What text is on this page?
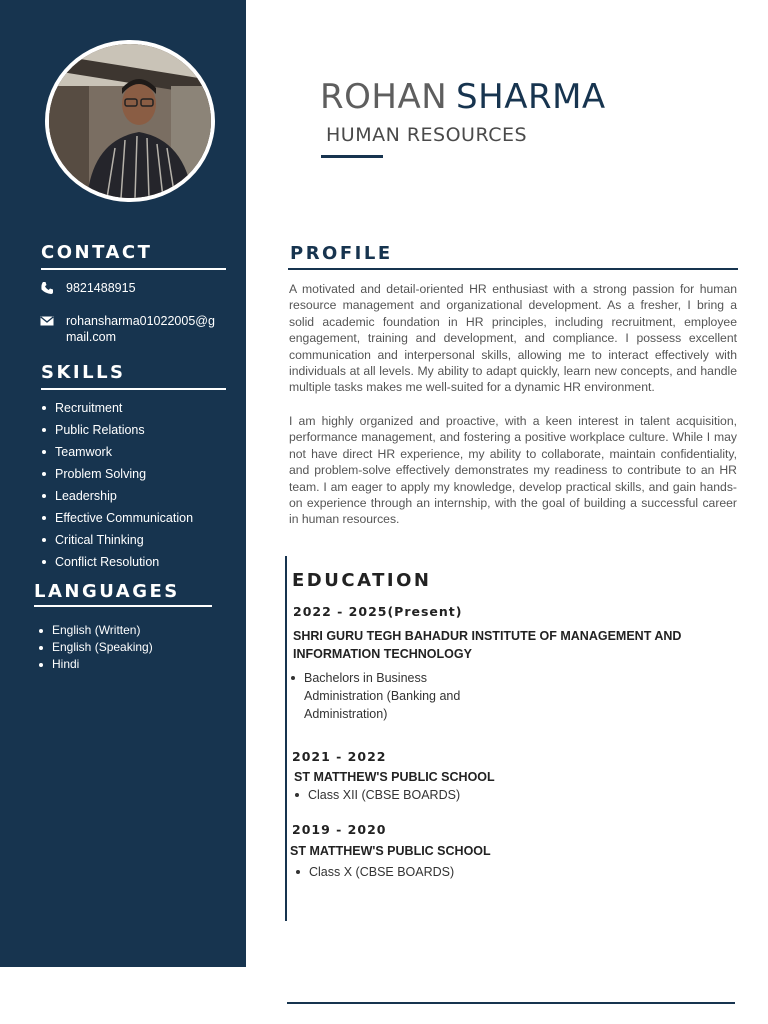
CONTACT
9821488915
rohansharma01022005@gmail.com
SKILLS
Recruitment
Public Relations
Teamwork
Problem Solving
Leadership
Effective Communication
Critical Thinking
Conflict Resolution
LANGUAGES
English (Written)
English (Speaking)
Hindi
ROHAN SHARMA

HUMAN RESOURCES

PROFILE

A motivated and detail-oriented HR enthusiast with a strong passion for human resource management and organizational development. As a fresher, I bring a solid academic foundation in HR principles, including recruitment, employee engagement, training and development, and compliance. I possess excellent communication and interpersonal skills, allowing me to interact effectively with individuals at all levels. My ability to adapt quickly, learn new concepts, and handle multiple tasks makes me well-suited for a dynamic HR environment.

I am highly organized and proactive, with a keen interest in talent acquisition, performance management, and fostering a positive workplace culture. While I may not have direct HR experience, my ability to collaborate, maintain confidentiality, and problem-solve effectively demonstrates my readiness to contribute to an HR team. I am eager to apply my knowledge, develop practical skills, and gain hands-on experience through an internship, with the goal of building a successful career in human resources.

EDUCATION

2022 - 2025(Present)

SHRI GURU TEGH BAHADUR INSTITUTE OF MANAGEMENT AND INFORMATION TECHNOLOGY

Bachelors in Business Administration (Banking and Administration)

2021 - 2022

ST MATTHEW'S PUBLIC SCHOOL

Class XII (CBSE BOARDS)

2019 - 2020

ST MATTHEW'S PUBLIC SCHOOL

Class X (CBSE BOARDS)
